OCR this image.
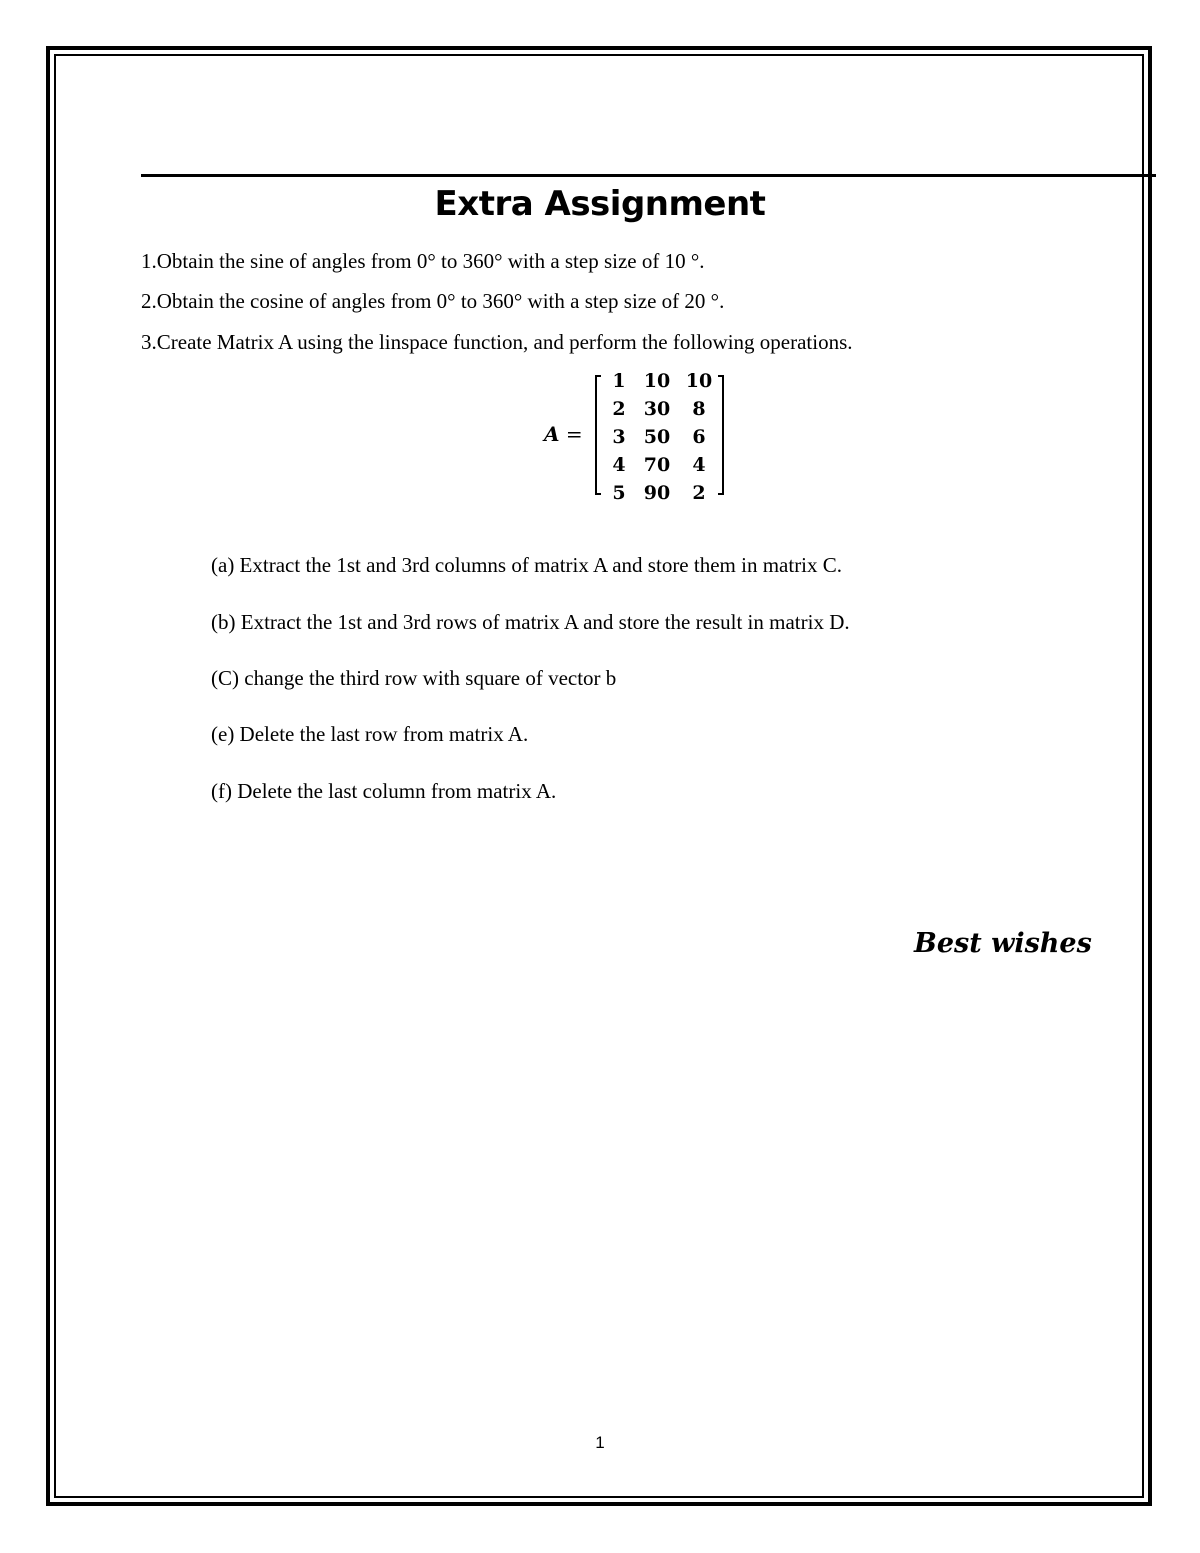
Extra Assignment
1.Obtain the sine of angles from 0° to 360° with a step size of 10 °.
2.Obtain the cosine of angles from 0° to 360° with a step size of 20 °.
3.Create Matrix A using the linspace function, and perform the following operations.
A =
1 10 10
2 30	8
3 50	6
4 70	4
5 90	2
(a) Extract the 1st and 3rd columns of matrix A and store them in matrix C.
(b) Extract the 1st and 3rd rows of matrix A and store the result in matrix D.
(C) change the third row with square of vector b
(e) Delete the last row from matrix A.
(f) Delete the last column from matrix A.
Best wishes
1
